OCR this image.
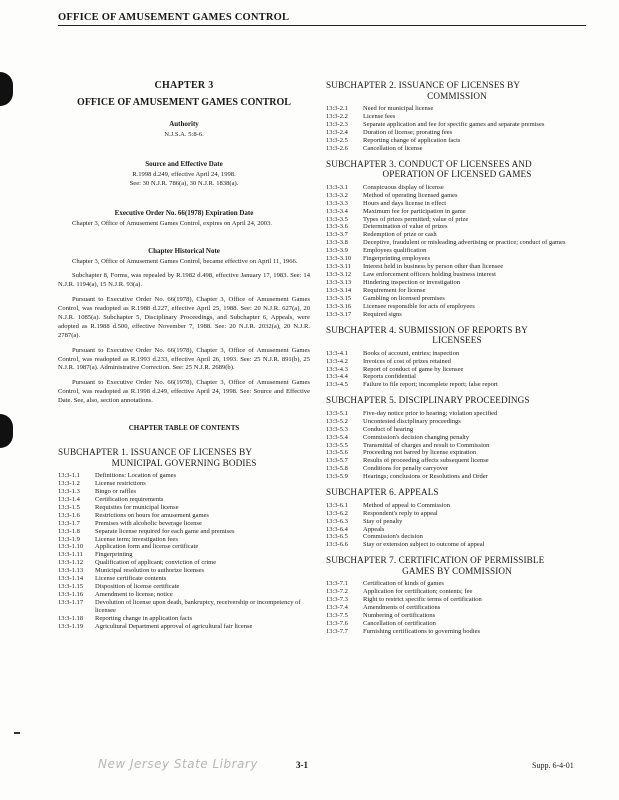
OFFICE OF AMUSEMENT GAMES CONTROL
CHAPTER 3
OFFICE OF AMUSEMENT GAMES CONTROL
Authority
N.J.S.A. 5:8-6.
Source and Effective Date
R.1998 d.249, effective April 24, 1998.
See: 30 N.J.R. 786(a), 30 N.J.R. 1838(a).
Executive Order No. 66(1978) Expiration Date

Chapter 3, Office of Amusement Games Control, expires on April 24, 2003.

Chapter Historical Note

Chapter 3, Office of Amusement Games Control, became effective on April 11, 1966.

Subchapter 8, Forms, was repealed by R.1982 d.498, effective January 17, 1983. See: 14 N.J.R. 1194(a), 15 N.J.R. 93(a).

Pursuant to Executive Order No. 66(1978), Chapter 3, Office of Amusement Games Control, was readopted as R.1988 d.227, effective April 25, 1988. See: 20 N.J.R. 627(a), 20 N.J.R. 1085(a). Subchapter 5, Disciplinary Proceedings, and Subchapter 6, Appeals, were adopted as R.1988 d.500, effective November 7, 1988. See: 20 N.J.R. 2032(a), 20 N.J.R. 2787(a).

Pursuant to Executive Order No. 66(1978), Chapter 3, Office of Amusement Games Control, was readopted as R.1993 d.233, effective April 26, 1993. See: 25 N.J.R. 891(b), 25 N.J.R. 1987(a). Administrative Correction. See: 25 N.J.R. 2689(b).

Pursuant to Executive Order No. 66(1978), Chapter 3, Office of Amusement Games Control, was readopted as R.1998 d.249, effective April 24, 1998. See: Source and Effective Date. See, also, section annotations.

CHAPTER TABLE OF CONTENTS
SUBCHAPTER 1. ISSUANCE OF LICENSES BY
MUNICIPAL GOVERNING BODIES
13:3-1.1	Definitions: Location of games
13:3-1.2	License restrictions
13:3-1.3	Bingo or raffles
13:3-1.4	Certification requirements
13:3-1.5	Requisites for municipal license
13:3-1.6	Restrictions on hours for amusement games
13:3-1.7	Premises with alcoholic beverage license
13:3-1.8	Separate license required for each game and premises
13:3-1.9	License term; investigation fees
13:3-1.10	Application form and license certificate
13:3-1.11	Fingerprinting
13:3-1.12	Qualification of applicant; conviction of crime
13:3-1.13	Municipal resolution to authorize licenses
13:3-1.14	License certificate contents
13:3-1.15	Disposition of license certificate
13:3-1.16	Amendment to license; notice
13:3-1.17	Devolution of license upon death, bankruptcy, receivership or incompetency of licensee
13:3-1.18	Reporting change in application facts
13:3-1.19	Agricultural Department approval of agricultural fair license
SUBCHAPTER 2. ISSUANCE OF LICENSES BY
COMMISSION
13:3-2.1	Need for municipal license
13:3-2.2	License fees
13:3-2.3	Separate application and fee for specific games and separate premises
13:3-2.4	Duration of license; prorating fees
13:3-2.5	Reporting change of application facts
13:3-2.6	Cancellation of license
SUBCHAPTER 3. CONDUCT OF LICENSEES AND
OPERATION OF LICENSED GAMES
13:3-3.1	Conspicuous display of license
13:3-3.2	Method of operating licensed games
13:3-3.3	Hours and days license in effect
13:3-3.4	Maximum fee for participation in game
13:3-3.5	Types of prizes permitted; value of prize
13:3-3.6	Determination of value of prizes
13:3-3.7	Redemption of prize or cash
13:3-3.8	Deceptive, fraudulent or misleading advertising or practice; conduct of games
13:3-3.9	Employees qualification
13:3-3.10	Fingerprinting employees
13:3-3.11	Interest held in business by person other than licensee
13:3-3.12	Law enforcement officers holding business interest
13:3-3.13	Hindering inspection or investigation
13:3-3.14	Requirement for license
13:3-3.15	Gambling on licensed premises
13:3-3.16	Licensee responsible for acts of employees
13:3-3.17	Required signs
SUBCHAPTER 4. SUBMISSION OF REPORTS BY
LICENSEES
13:3-4.1	Books of account, entries; inspection
13:3-4.2	Invoices of cost of prizes retained
13:3-4.3	Report of conduct of game by licensee
13:3-4.4	Reports confidential
13:3-4.5	Failure to file report; incomplete report; false report
SUBCHAPTER 5. DISCIPLINARY PROCEEDINGS
13:3-5.1	Five-day notice prior to hearing; violation specified
13:3-5.2	Uncontested disciplinary proceedings
13:3-5.3	Conduct of hearing
13:3-5.4	Commission's decision changing penalty
13:3-5.5	Transmittal of charges and result to Commission
13:3-5.6	Proceeding not barred by license expiration
13:3-5.7	Results of proceeding affects subsequent license
13:3-5.8	Conditions for penalty carryover
13:3-5.9	Hearings; conclusions or Resolutions and Order
SUBCHAPTER 6. APPEALS
13:3-6.1	Method of appeal to Commission
13:3-6.2	Respondent's reply to appeal
13:3-6.3	Stay of penalty
13:3-6.4	Appeals
13:3-6.5	Commission's decision
13:3-6.6	Stay or extension subject to outcome of appeal
SUBCHAPTER 7. CERTIFICATION OF PERMISSIBLE
GAMES BY COMMISSION
13:3-7.1	Certification of kinds of games
13:3-7.2	Application for certification; contents; fee
13:3-7.3	Right to restrict specific terms of certification
13:3-7.4	Amendments of certifications
13:3-7.5	Numbering of certifications
13:3-7.6	Cancellation of certification
13:3-7.7	Furnishing certifications to governing bodies
New Jersey State Library	3-1	Supp. 6-4-01
